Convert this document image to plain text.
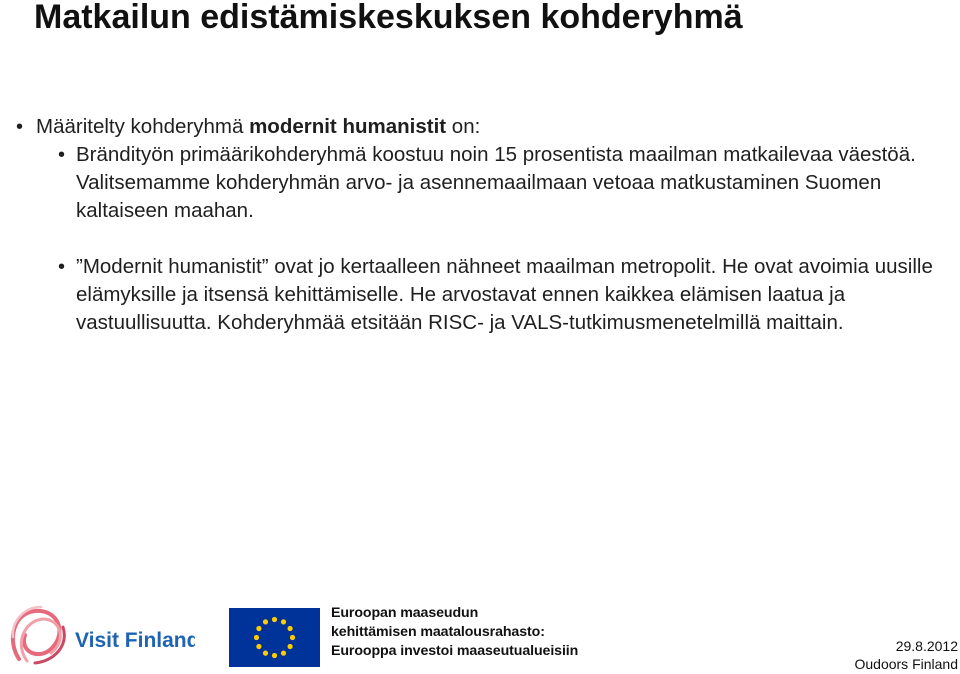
Matkailun edistämiskeskuksen kohderyhmä
• Määritelty kohderyhmä modernit humanistit on:
• Brändityön primäärikohderyhmä koostuu noin 15 prosentista maailman matkailevaa väestöä. Valitsemamme kohderyhmän arvo- ja asennemaailmaan vetoaa matkustaminen Suomen kaltaiseen maahan.
• ”Modernit humanistit” ovat jo kertaalleen nähneet maailman metropolit. He ovat avoimia uusille elämyksille ja itsensä kehittämiselle. He arvostavat ennen kaikkea elämisen laatua ja vastuullisuutta. Kohderyhmää etsitään RISC- ja VALS-tutkimusmenetelmillä maittain.
Visit Finland
Euroopan maaseudun
kehittämisen maatalousrahasto:
Eurooppa investoi maaseutualueisiin	29.8.2012
Oudoors Finland
